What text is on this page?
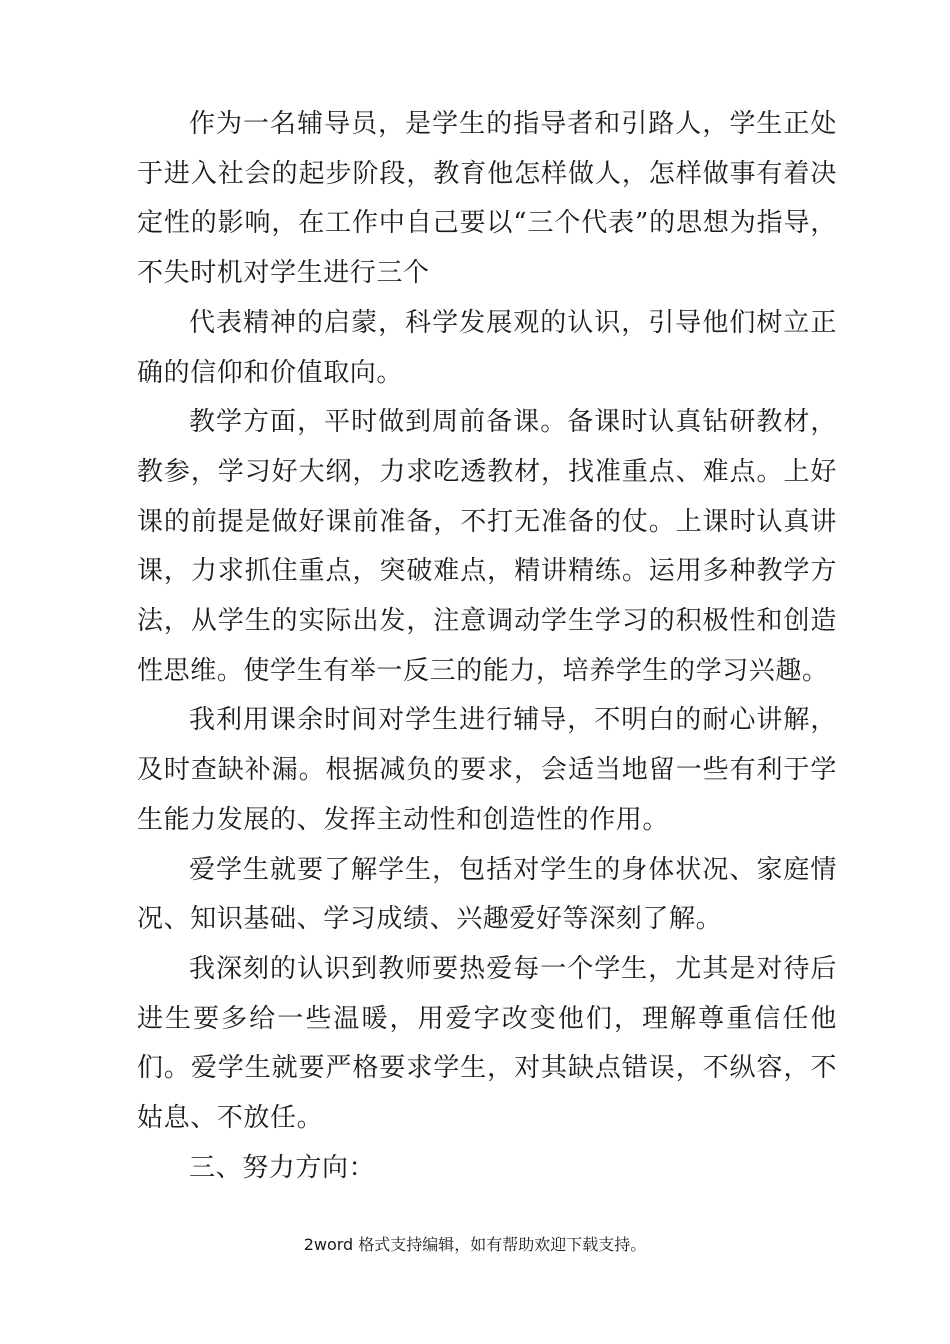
作为一名辅导员，是学生的指导者和引路人，学生正处于进入社会的起步阶段，教育他怎样做人，怎样做事有着决定性的影响，在工作中自己要以“三个代表”的思想为指导，不失时机对学生进行三个

代表精神的启蒙，科学发展观的认识，引导他们树立正确的信仰和价值取向。

教学方面，平时做到周前备课。备课时认真钻研教材，教参，学习好大纲，力求吃透教材，找准重点、难点。上好课的前提是做好课前准备，不打无准备的仗。上课时认真讲课，力求抓住重点，突破难点，精讲精练。运用多种教学方法，从学生的实际出发，注意调动学生学习的积极性和创造性思维。使学生有举一反三的能力，培养学生的学习兴趣。

我利用课余时间对学生进行辅导，不明白的耐心讲解，及时查缺补漏。根据减负的要求，会适当地留一些有利于学生能力发展的、发挥主动性和创造性的作用。

爱学生就要了解学生，包括对学生的身体状况、家庭情况、知识基础、学习成绩、兴趣爱好等深刻了解。

我深刻的认识到教师要热爱每一个学生，尤其是对待后进生要多给一些温暖，用爱字改变他们，理解尊重信任他们。爱学生就要严格要求学生，对其缺点错误，不纵容，不姑息、不放任。

三、努力方向：

2word 格式支持编辑，如有帮助欢迎下载支持。
